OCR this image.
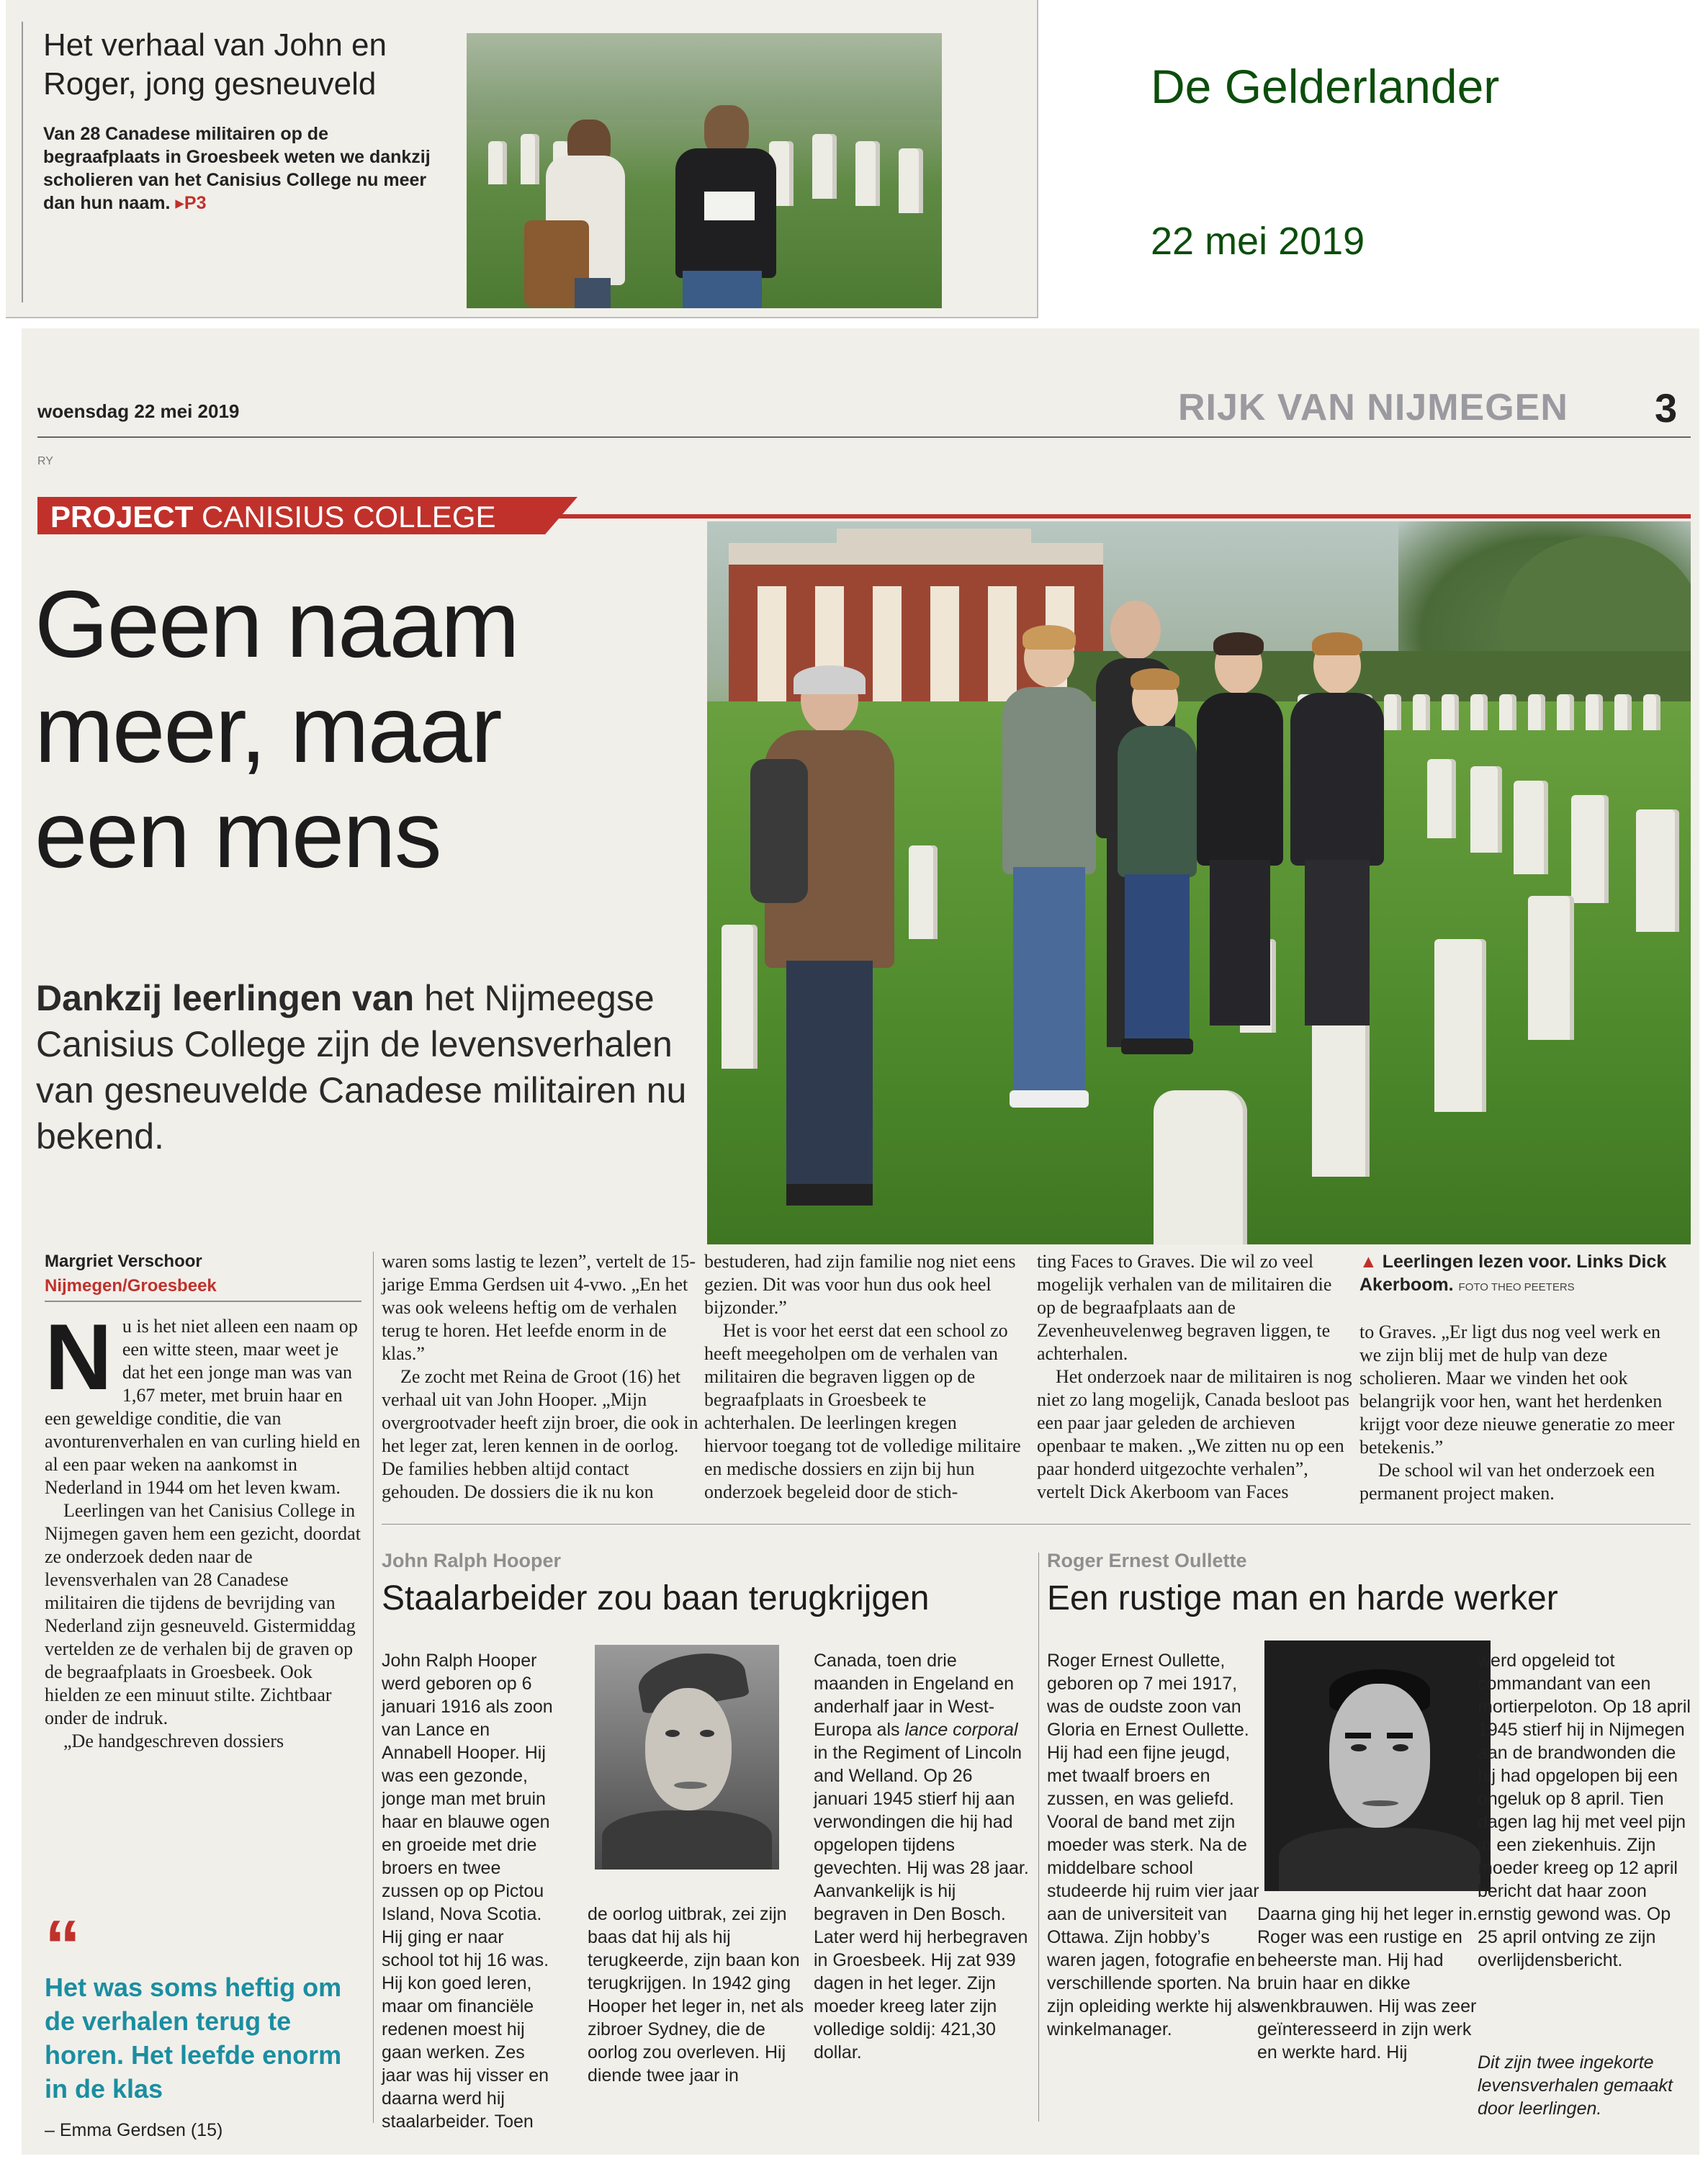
Het verhaal van John en Roger, jong gesneuveld
Van 28 Canadese militairen op de begraafplaats in Groesbeek weten we dankzij scholieren van het Canisius College nu meer dan hun naam. ▸P3
De Gelderlander
22 mei 2019
woensdag 22 mei 2019	RIJK VAN NIJMEGEN 3
RY
PROJECT CANISIUS COLLEGE
Geen naam
meer, maar
een mens
Dankzij leerlingen van het Nijmeegse Canisius College zijn de levensverhalen van gesneuvelde Canadese militairen nu bekend.
Margriet Verschoor
Nijmegen/Groesbeek
N u is het niet alleen een naam op een witte steen, maar weet je dat het een jonge man was van 1,67 meter, met bruin haar en een geweldige conditie, die van avonturenverhalen en van curling hield en al een paar weken na aankomst in Nederland in 1944 om het leven kwam.

Leerlingen van het Canisius College in Nijmegen gaven hem een gezicht, doordat ze onderzoek deden naar de levensverhalen van 28 Canadese militairen die tijdens de bevrijding van Nederland zijn gesneuveld. Gistermiddag vertelden ze de verhalen bij de graven op de begraafplaats in Groesbeek. Ook hielden ze een minuut stilte. Zichtbaar onder de indruk.

„De handgeschreven dossiers

“
Het was soms heftig om de verhalen terug te horen. Het leefde enorm in de klas
– Emma Gerdsen (15)

waren soms lastig te lezen”, vertelt de 15-jarige Emma Gerdsen uit 4-vwo. „En het was ook weleens heftig om de verhalen terug te horen. Het leefde enorm in de klas.”

Ze zocht met Reina de Groot (16) het verhaal uit van John Hooper. „Mijn overgrootvader heeft zijn broer, die ook in het leger zat, leren kennen in de oorlog. De families hebben altijd contact gehouden. De dossiers die ik nu kon

bestuderen, had zijn familie nog niet eens gezien. Dit was voor hun dus ook heel bijzonder.”

Het is voor het eerst dat een school zo heeft meegeholpen om de verhalen van militairen die begraven liggen op de begraafplaats in Groesbeek te achterhalen. De leerlingen kregen hiervoor toegang tot de volledige militaire en medische dossiers en zijn bij hun onderzoek begeleid door de stich-

ting Faces to Graves. Die wil zo veel mogelijk verhalen van de militairen die op de begraafplaats aan de Zevenheuvelenweg begraven liggen, te achterhalen.

Het onderzoek naar de militairen is nog niet zo lang mogelijk, Canada besloot pas een paar jaar geleden de archieven openbaar te maken. „We zitten nu op een paar honderd uitgezochte verhalen”, vertelt Dick Akerboom van Faces

▲ Leerlingen lezen voor. Links Dick Akerboom. FOTO THEO PEETERS

to Graves. „Er ligt dus nog veel werk en we zijn blij met de hulp van deze scholieren. Maar we vinden het ook belangrijk voor hen, want het herdenken krijgt voor deze nieuwe generatie zo meer betekenis.”

De school wil van het onderzoek een permanent project maken.

John Ralph Hooper
Staalarbeider zou baan terugkrijgen
John Ralph Hooper werd geboren op 6 januari 1916 als zoon van Lance en Annabell Hooper. Hij was een gezonde, jonge man met bruin haar en blauwe ogen en groeide met drie broers en twee zussen op op Pictou Island, Nova Scotia. Hij ging er naar school tot hij 16 was. Hij kon goed leren, maar om financiële redenen moest hij gaan werken. Zes jaar was hij visser en daarna werd hij staalarbeider. Toen
de oorlog uitbrak, zei zijn baas dat hij als hij terugkeerde, zijn baan kon terugkrijgen. In 1942 ging Hooper het leger in, net als zibroer Sydney, die de oorlog zou overleven. Hij diende twee jaar in
Canada, toen drie maanden in Engeland en anderhalf jaar in West-Europa als lance corporal in the Regiment of Lincoln and Welland. Op 26 januari 1945 stierf hij aan verwondingen die hij had opgelopen tijdens gevechten. Hij was 28 jaar. Aanvankelijk is hij begraven in Den Bosch. Later werd hij herbegraven in Groesbeek. Hij zat 939 dagen in het leger. Zijn moeder kreeg later zijn volledige soldij: 421,30 dollar.
Roger Ernest Oullette
Een rustige man en harde werker
Roger Ernest Oullette, geboren op 7 mei 1917, was de oudste zoon van Gloria en Ernest Oullette. Hij had een fijne jeugd, met twaalf broers en zussen, en was geliefd. Vooral de band met zijn moeder was sterk. Na de middelbare school studeerde hij ruim vier jaar aan de universiteit van Ottawa. Zijn hobby’s waren jagen, fotografie en verschillende sporten. Na zijn opleiding werkte hij als winkelmanager.
Daarna ging hij het leger in. Roger was een rustige en beheerste man. Hij had bruin haar en dikke wenkbrauwen. Hij was zeer geïnteresseerd in zijn werk en werkte hard. Hij
werd opgeleid tot commandant van een mortierpeloton. Op 18 april 1945 stierf hij in Nijmegen aan de brandwonden die hij had opgelopen bij een ongeluk op 8 april. Tien dagen lag hij met veel pijn in een ziekenhuis. Zijn moeder kreeg op 12 april bericht dat haar zoon ernstig gewond was. Op 25 april ontving ze zijn overlijdensbericht.
Dit zijn twee ingekorte levensverhalen gemaakt door leerlingen.
